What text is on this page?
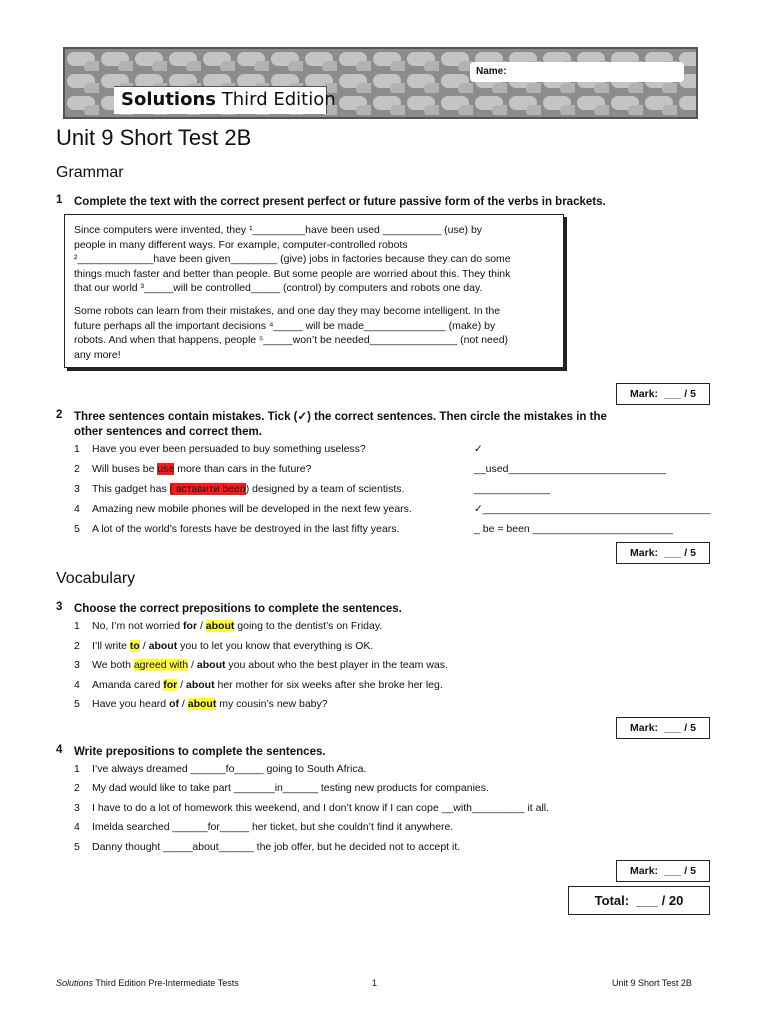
Name:
Solutions Third Edition
Unit 9 Short Test 2B
Grammar
1 Complete the text with the correct present perfect or future passive form of the verbs in brackets.
Since computers were invented, they ¹_________have been used __________ (use) by
people in many different ways. For example, computer-controlled robots
²_____________have been given________ (give) jobs in factories because they can do some
things much faster and better than people. But some people are worried about this. They think
that our world ³_____will be controlled_____ (control) by computers and robots one day.
Some robots can learn from their mistakes, and one day they may become intelligent. In the
future perhaps all the important decisions ⁴_____ will be made______________ (make) by
robots. And when that happens, people ⁵_____won’t be needed_______________ (not need)
any more!
Mark:  ___ / 5
2 Three sentences contain mistakes. Tick (✓) the correct sentences. Then circle the mistakes in the
other sentences and correct them.
1 Have you ever been persuaded to buy something useless?	✓
2 Will buses be use more than cars in the future?	__used___________________________
3 This gadget has ( вставити been) designed by a team of scientists.	_____________
4 Amazing new mobile phones will be developed in the next few years.	✓_______________________________________
5 A lot of the world’s forests have be destroyed in the last fifty years.	_ be = been ________________________
Mark:  ___ / 5
Vocabulary
3 Choose the correct prepositions to complete the sentences.
1 No, I’m not worried for / about going to the dentist’s on Friday.
2 I’ll write to / about you to let you know that everything is OK.
3 We both agreed with / about you about who the best player in the team was.
4 Amanda cared for / about her mother for six weeks after she broke her leg.
5 Have you heard of / about my cousin’s new baby?
Mark:  ___ / 5
4 Write prepositions to complete the sentences.
1 I’ve always dreamed ______fo_____ going to South Africa.
2 My dad would like to take part _______in______ testing new products for companies.
3 I have to do a lot of homework this weekend, and I don’t know if I can cope __with_________ it all.
4 Imelda searched ______for_____ her ticket, but she couldn’t find it anywhere.
5 Danny thought _____about______ the job offer, but he decided not to accept it.
Mark:  ___ / 5
Total:  ___ / 20
Solutions Third Edition Pre-Intermediate Tests	1	Unit 9 Short Test 2B
